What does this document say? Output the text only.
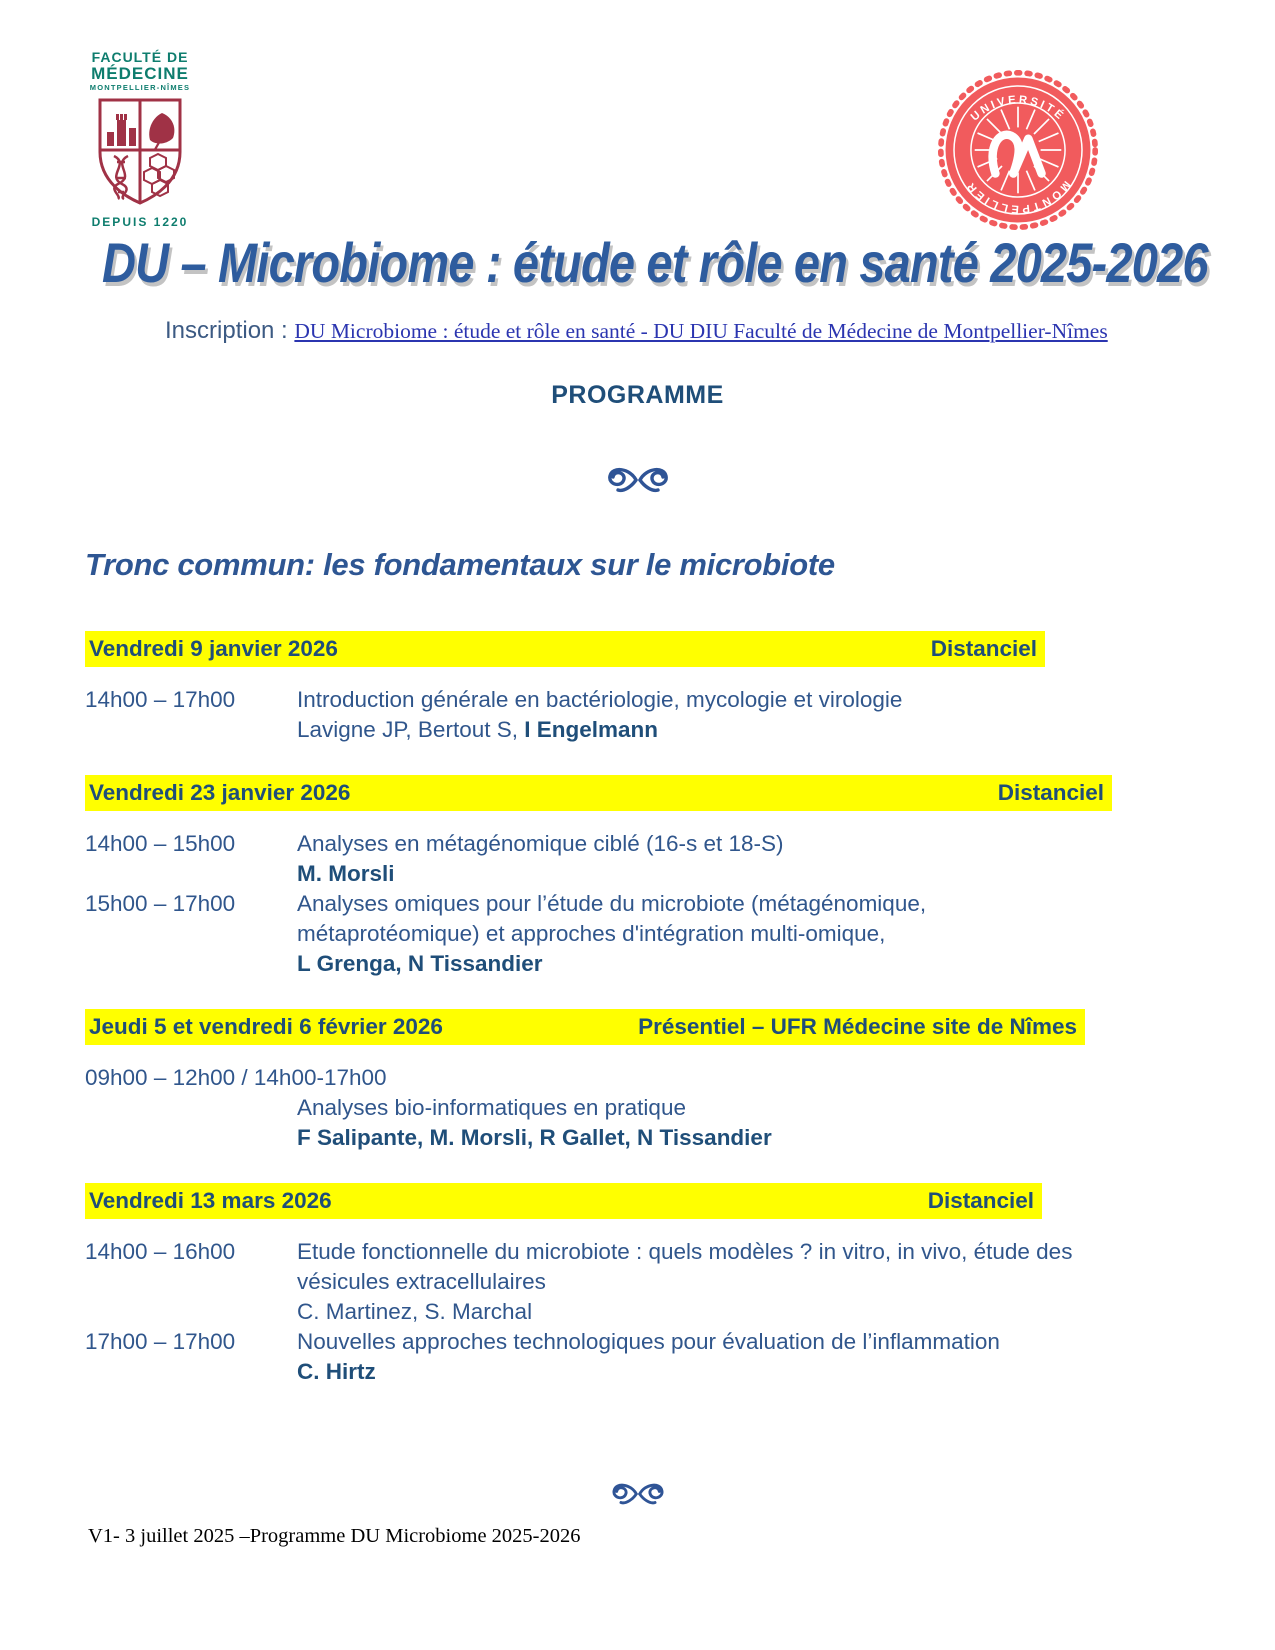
FACULTÉ DE
MÉDECINE
MONTPELLIER-NÎMES
DEPUIS 1220
UNIVERSITÉ
MONTPELLIER
DU – Microbiome : étude et rôle en santé 2025-2026
Inscription : DU Microbiome : étude et rôle en santé - DU DIU Faculté de Médecine de Montpellier-Nîmes
PROGRAMME
Tronc commun: les fondamentaux sur le microbiote
Vendredi 9 janvier 2026	Distanciel
14h00 – 17h00	Introduction générale en bactériologie, mycologie et virologie
Lavigne JP, Bertout S, I Engelmann
Vendredi 23 janvier 2026	Distanciel
14h00 – 15h00	Analyses en métagénomique ciblé (16-s et 18-S)
M. Morsli
15h00 – 17h00	Analyses omiques pour l’étude du microbiote (métagénomique,
métaprotéomique) et approches d'intégration multi-omique,
L Grenga, N Tissandier
Jeudi 5 et vendredi 6 février 2026	Présentiel – UFR Médecine site de Nîmes
09h00 – 12h00 / 14h00-17h00
Analyses bio-informatiques en pratique
F Salipante, M. Morsli, R Gallet, N Tissandier
Vendredi 13 mars 2026	Distanciel
14h00 – 16h00	Etude fonctionnelle du microbiote : quels modèles ? in vitro, in vivo, étude des
vésicules extracellulaires
C. Martinez, S. Marchal
17h00 – 17h00	Nouvelles approches technologiques pour évaluation de l’inflammation
C. Hirtz
V1- 3 juillet 2025 –Programme DU Microbiome 2025-2026
